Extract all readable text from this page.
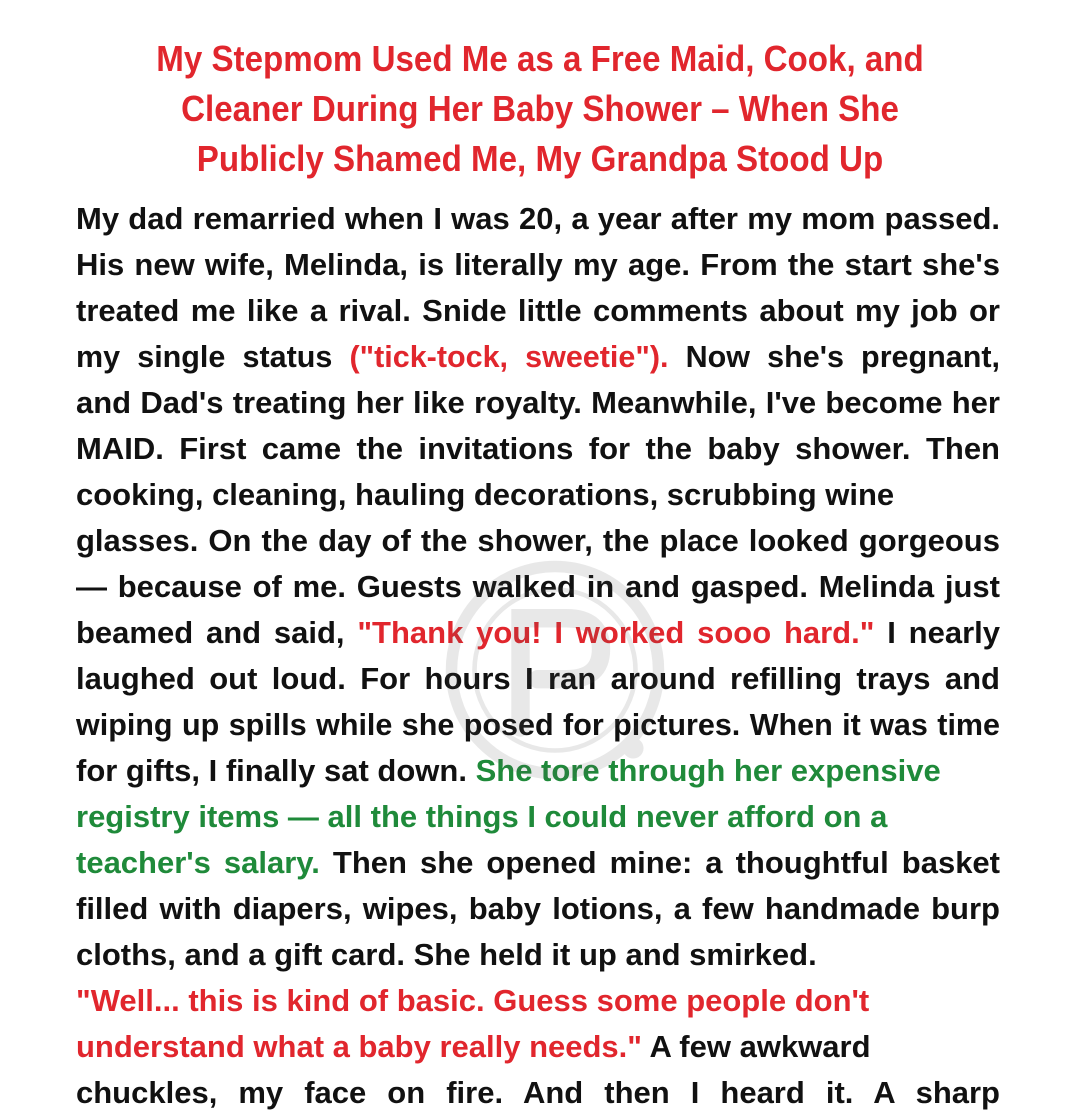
My Stepmom Used Me as a Free Maid, Cook, and
Cleaner During Her Baby Shower – When She
Publicly Shamed Me, My Grandpa Stood Up
My dad remarried when I was 20, a year after my mom passed.
His new wife, Melinda, is literally my age. From the start she's
treated me like a rival. Snide little comments about my job or
my single status ("tick-tock, sweetie"). Now she's pregnant,
and Dad's treating her like royalty. Meanwhile, I've become her
MAID. First came the invitations for the baby shower. Then
cooking, cleaning, hauling decorations, scrubbing wine
glasses. On the day of the shower, the place looked gorgeous
— because of me. Guests walked in and gasped. Melinda just
beamed and said, "Thank you! I worked sooo hard." I nearly
laughed out loud. For hours I ran around refilling trays and
wiping up spills while she posed for pictures. When it was time
for gifts, I finally sat down. She tore through her expensive
registry items — all the things I could never afford on a
teacher's salary. Then she opened mine: a thoughtful basket
filled with diapers, wipes, baby lotions, a few handmade burp
cloths, and a gift card. She held it up and smirked.
"Well... this is kind of basic. Guess some people don't
understand what a baby really needs." A few awkward
chuckles, my face on fire. And then I heard it. A sharp
